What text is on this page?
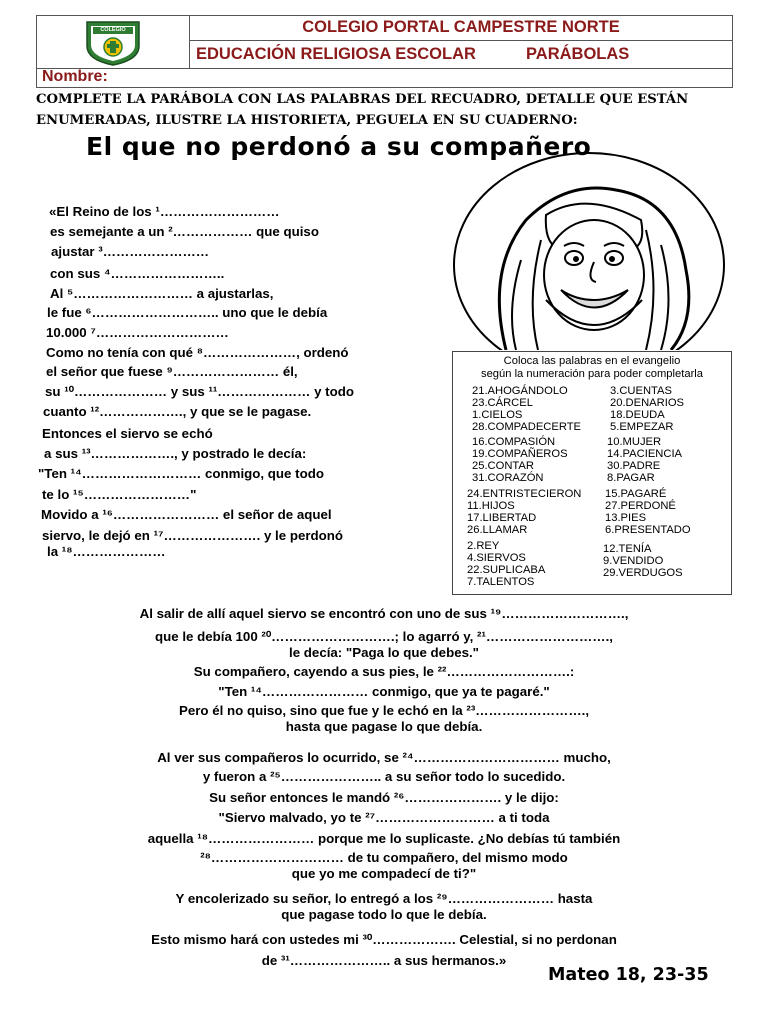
COLEGIO	COLEGIO PORTAL CAMPESTRE NORTE
EDUCACIÓN RELIGIOSA ESCOLAR	PARÁBOLAS
Nombre:
COMPLETE LA PARÁBOLA CON LAS PALABRAS DEL RECUADRO, DETALLE QUE ESTÁN
ENUMERADAS, ILUSTRE LA HISTORIETA, PEGUELA EN SU CUADERNO:
El que no perdonó a su compañero
«El Reino de los ¹………………………
es semejante a un ²……………… que quiso
ajustar ³……………………
con sus ⁴……………………..
Al ⁵……………………… a ajustarlas,
le fue ⁶……………………….. uno que le debía
10.000 ⁷…………………………
Como no tenía con qué ⁸…………………, ordenó
el señor que fuese ⁹…………………… él,
su ¹⁰………………… y sus ¹¹………………… y todo
cuanto ¹²………………., y que se le pagase.
Entonces el siervo se echó
a sus ¹³………………., y postrado le decía:
"Ten ¹⁴……………………… conmigo, que todo
te lo ¹⁵……………………"
Movido a ¹⁶…………………… el señor de aquel
siervo, le dejó en ¹⁷…………………. y le perdonó
la ¹⁸…………………
Coloca las palabras en el evangelio
según la numeración para poder completarla
21.AHOGÁNDOLO
23.CÁRCEL
1.CIELOS
28.COMPADECERTE
3.CUENTAS
20.DENARIOS
18.DEUDA
5.EMPEZAR
16.COMPASIÓN
19.COMPAÑEROS
25.CONTAR
31.CORAZÓN
10.MUJER
14.PACIENCIA
30.PADRE
8.PAGAR
24.ENTRISTECIERON
11.HIJOS
17.LIBERTAD
26.LLAMAR
15.PAGARÉ
27.PERDONÉ
13.PIES
6.PRESENTADO
2.REY
4.SIERVOS
22.SUPLICABA
7.TALENTOS
12.TENÍA
9.VENDIDO
29.VERDUGOS
Al salir de allí aquel siervo se encontró con uno de sus ¹⁹……………………….,
que le debía 100 ²⁰……………………….; lo agarró y, ²¹……………………….,
le decía: "Paga lo que debes."
Su compañero, cayendo a sus pies, le ²²……………………….:
"Ten ¹⁴…………………… conmigo, que ya te pagaré."
Pero él no quiso, sino que fue y le echó en la ²³…………………….,
hasta que pagase lo que debía.
Al ver sus compañeros lo ocurrido, se ²⁴…………………………… mucho,
y fueron a ²⁵………………….. a su señor todo lo sucedido.
Su señor entonces le mandó ²⁶…………………. y le dijo:
"Siervo malvado, yo te ²⁷……………………… a ti toda
aquella ¹⁸…………………… porque me lo suplicaste. ¿No debías tú también
²⁸………………………… de tu compañero, del mismo modo
que yo me compadecí de ti?"
Y encolerizado su señor, lo entregó a los ²⁹…………………… hasta
que pagase todo lo que le debía.
Esto mismo hará con ustedes mi ³⁰………………. Celestial, si no perdonan
de ³¹………………….. a sus hermanos.»
Mateo 18, 23-35
